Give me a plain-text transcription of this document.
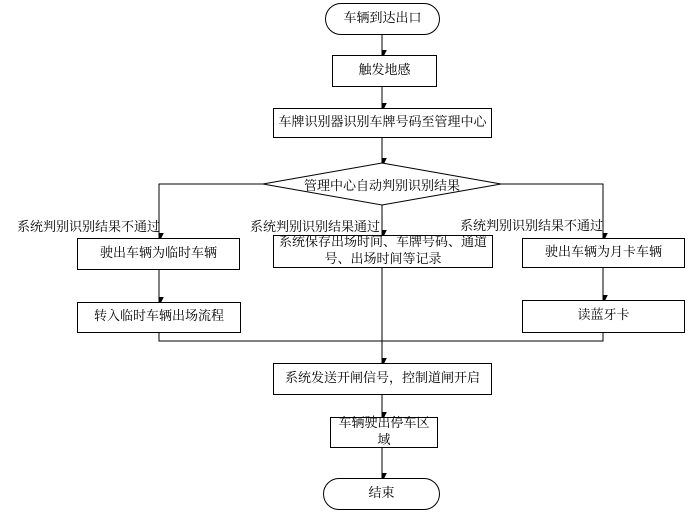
车辆到达出口
触发地感
车牌识别器识别车牌号码至管理中心
管理中心自动判别识别结果
驶出车辆为临时车辆
转入临时车辆出场流程
系统保存出场时间、车牌号码、通道号、出场时间等记录	驶出车辆为月卡车辆
读蓝牙卡
系统发送开闸信号，控制道闸开启
车辆驶出停车区域
结束
系统判别识别结果不通过	系统判别识别结果通过	系统判别识别结果不通过
